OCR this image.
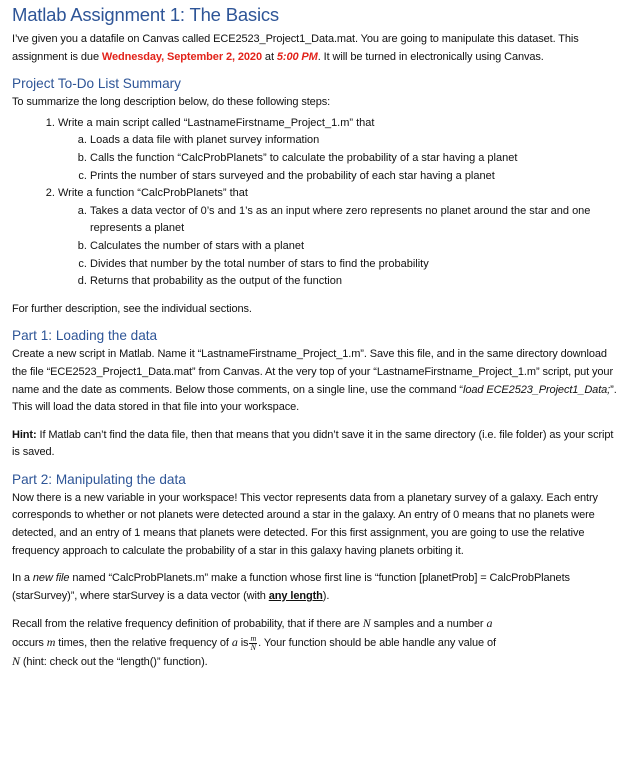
Matlab Assignment 1: The Basics

I’ve given you a datafile on Canvas called ECE2523_Project1_Data.mat. You are going to manipulate this dataset. This assignment is due Wednesday, September 2, 2020 at 5:00 PM. It will be turned in electronically using Canvas.

Project To-Do List Summary

To summarize the long description below, do these following steps:

1. Write a main script called “LastnameFirstname_Project_1.m” that
a. Loads a data file with planet survey information
b. Calls the function “CalcProbPlanets” to calculate the probability of a star having a planet
c. Prints the number of stars surveyed and the probability of each star having a planet
2. Write a function “CalcProbPlanets” that
a. Takes a data vector of 0’s and 1’s as an input where zero represents no planet around the star and one represents a planet
b. Calculates the number of stars with a planet
c. Divides that number by the total number of stars to find the probability
d. Returns that probability as the output of the function

For further description, see the individual sections.

Part 1: Loading the data

Create a new script in Matlab. Name it “LastnameFirstname_Project_1.m”. Save this file, and in the same directory download the file “ECE2523_Project1_Data.mat” from Canvas. At the very top of your “LastnameFirstname_Project_1.m” script, put your name and the date as comments. Below those comments, on a single line, use the command “load ECE2523_Project1_Data;”. This will load the data stored in that file into your workspace.

Hint: If Matlab can’t find the data file, then that means that you didn’t save it in the same directory (i.e. file folder) as your script is saved.

Part 2: Manipulating the data

Now there is a new variable in your workspace! This vector represents data from a planetary survey of a galaxy. Each entry corresponds to whether or not planets were detected around a star in the galaxy. An entry of 0 means that no planets were detected, and an entry of 1 means that planets were detected. For this first assignment, you are going to use the relative frequency approach to calculate the probability of a star in this galaxy having planets orbiting it.

In a new file named “CalcProbPlanets.m” make a function whose first line is “function [planetProb] = CalcProbPlanets (starSurvey)”, where starSurvey is a data vector (with any length).

Recall from the relative frequency definition of probability, that if there are N samples and a number a
occurs m times, then the relative frequency of a is $\frac{m}{N}$ . Your function should be able handle any value of
N (hint: check out the “length()” function).
